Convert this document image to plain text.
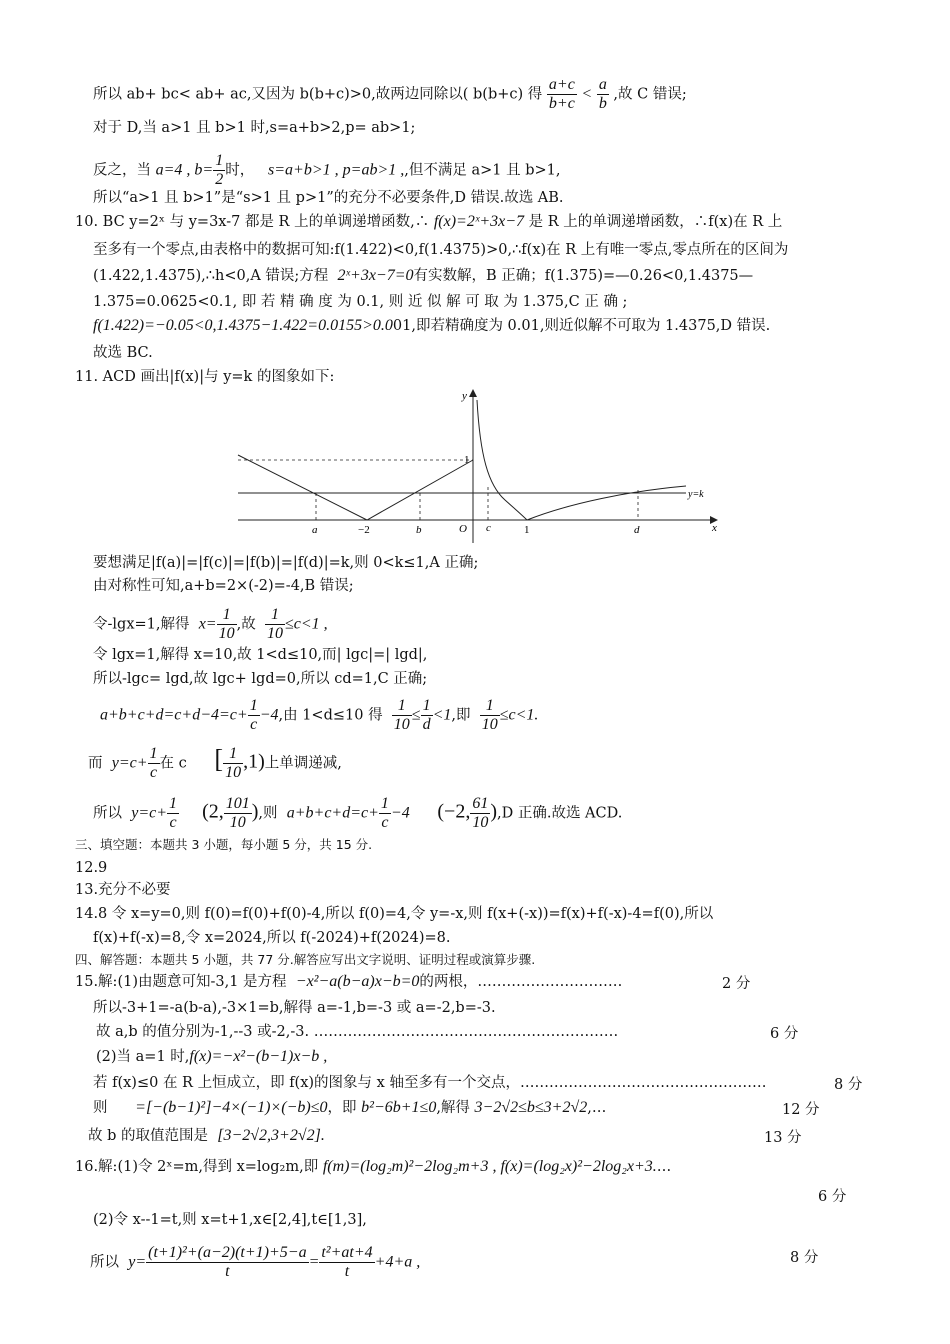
所以 ab+ bc< ab+ ac,又因为 b(b+c)>0,故两边同除以( b(b+c) 得 $\frac{a+c}{b+c} < \frac{a}{b}$ ,故 C 错误;
对于 D,当 a>1 且 b>1 时,s=a+b>2,p= ab>1;
反之，当 a=4 , $b= \frac{1}{2}$ 时， s=a+b>1 , p=ab>1 ,,但不满足 a>1 且 b>1,
所以“a>1 且 b>1”是“s>1 且 p>1”的充分不必要条件,D 错误.故选 AB.
10. BC y=2ˣ 与 y=3x-7 都是 R 上的单调递增函数,∴ f(x)=2ˣ+3x−7 是 R 上的单调递增函数，∴f(x)在 R 上
至多有一个零点,由表格中的数据可知:f(1.422)<0,f(1.4375)>0,∴f(x)在 R 上有唯一零点,零点所在的区间为
(1.422,1.4375),∴h<0,A 错误;方程 2ˣ+3x−7=0有实数解，B 正确；f(1.375)=—0.26<0,1.4375—
1.375=0.0625<0.1, 即 若 精 确 度 为 0.1, 则 近 似 解 可 取 为 1.375,C 正 确 ;
f(1.422)=−0.05<0,1.4375−1.422=0.0155>0.001,即若精确度为 0.01,则近似解不可取为 1.4375,D 错误.
故选 BC.
11. ACD 画出|f(x)|与 y=k 的图象如下:
y
x
y=k
1
O
a	−2	b	c	1	d
要想满足|f(a)|=|f(c)|=|f(b)|=|f(d)|=k,则 0<k≤1,A 正确;
由对称性可知,a+b=2×(-2)=-4,B 错误;
令-lgx=1,解得 $x= \frac{1}{10}$ ,故 $\frac{1}{10} \le c<1$ ,
令 lgx=1,解得 x=10,故 1<d≤10,而| lgc|=| lgd|,
所以-lgc= lgd,故 lgc+ lgd=0,所以 cd=1,C 正确;
$a+b+c+d=c+d-4=c+ \frac{1}{c} -4$,由 1<d≤10 得 $\frac{1}{10} \le \frac{1}{d} <1$,即 $\frac{1}{10} \le c<1$.
而 $y=c+ \frac{1}{c}$ 在 c [ $\frac{1}{10} ,1$)上单调递减,
所以 $y=c+ \frac{1}{c} (2$, $\frac{101}{10}$ ),则 $a+b+c+d=c+ \frac{1}{c} -4$ (−2, $\frac{61}{10} ),D$ 正确.故选 ACD.
三、填空题：本题共 3 小题，每小题 5 分，共 15 分.
12.9
13.充分不必要
14.8 令 x=y=0,则 f(0)=f(0)+f(0)-4,所以 f(0)=4,令 y=-x,则 f(x+(-x))=f(x)+f(-x)-4=f(0),所以
f(x)+f(-x)=8,令 x=2024,所以 f(-2024)+f(2024)=8.
四、解答题：本题共 5 小题，共 77 分.解答应写出文字说明、证明过程或演算步骤.
15.解:(1)由题意可知-3,1 是方程 −x²−a(b−a)x−b=0的两根，…………………………	2 分
所以-3+1=-a(b-a),-3×1=b,解得 a=-1,b=-3 或 a=-2,b=-3.
故 a,b 的值分别为-1,--3 或-2,-3. ………………………………………………………	6 分
(2)当 a=1 时,f(x)=−x²−(b−1)x−b ,
若 f(x)≤0 在 R 上恒成立，即 f(x)的图象与 x 轴至多有一个交点，……………………………………………	8 分
则 =[−(b−1)²]−4×(−1)×(−b)≤0，即 b²−6b+1≤0,解得 3−2√2≤b≤3+2√2,…	12 分
故 b 的取值范围是 [3−2√2,3+2√2].	13 分
16.解:(1)令 2ˣ=m,得到 x=log₂m,即 f(m)=(log₂m)²−2log₂m+3 , f(x)=(log₂x)²−2log₂x+3.…
6 分
(2)令 x--1=t,则 x=t+1,x∈[2,4],t∈[1,3],
所以 $y= \frac{\text{(t+1)²+(a−2)(t+1)+5−a}}{t} = \frac{\text{t²+at+4}}{t} +4+a$ ,	8 分
